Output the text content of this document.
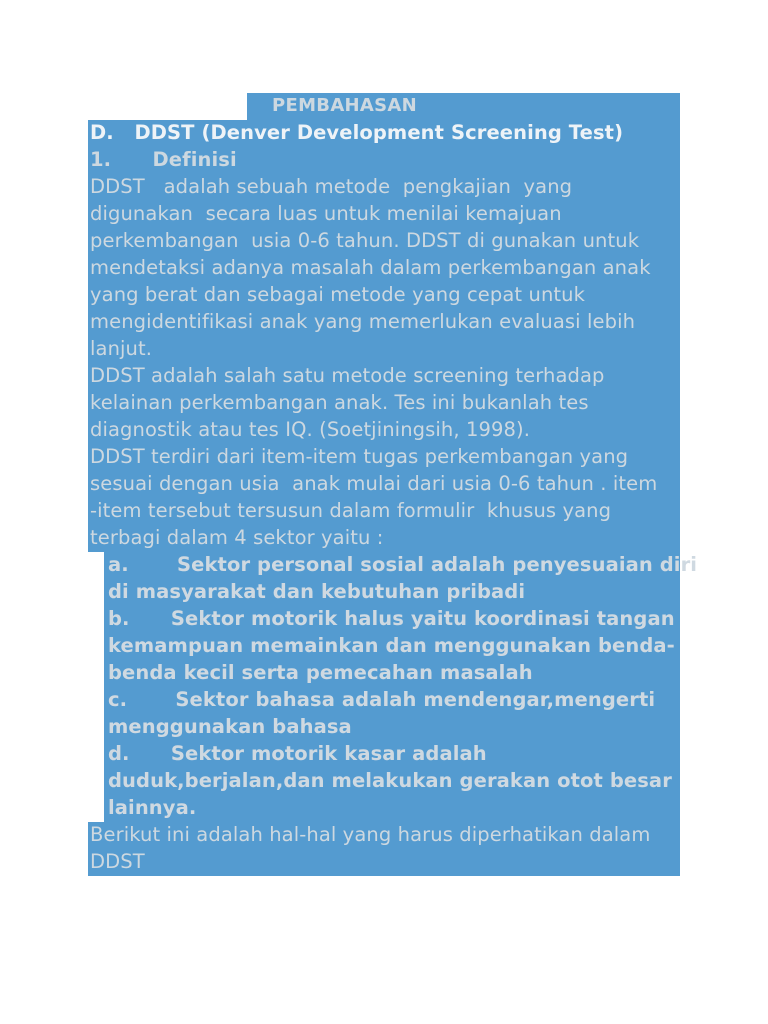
PEMBAHASAN
D.   DDST (Denver Development Screening Test)
1.      Definisi
DDST   adalah sebuah metode  pengkajian  yang
digunakan  secara luas untuk menilai kemajuan
perkembangan  usia 0-6 tahun. DDST di gunakan untuk
mendetaksi adanya masalah dalam perkembangan anak
yang berat dan sebagai metode yang cepat untuk
mengidentifikasi anak yang memerlukan evaluasi lebih
lanjut.
DDST adalah salah satu metode screening terhadap
kelainan perkembangan anak. Tes ini bukanlah tes
diagnostik atau tes IQ. (Soetjiningsih, 1998).
DDST terdiri dari item-item tugas perkembangan yang
sesuai dengan usia  anak mulai dari usia 0-6 tahun . item
-item tersebut tersusun dalam formulir  khusus yang
terbagi dalam 4 sektor yaitu :
a.       Sektor personal sosial adalah penyesuaian diri
di masyarakat dan kebutuhan pribadi
b.      Sektor motorik halus yaitu koordinasi tangan
kemampuan memainkan dan menggunakan benda-
benda kecil serta pemecahan masalah
c.       Sektor bahasa adalah mendengar,mengerti
menggunakan bahasa
d.      Sektor motorik kasar adalah
duduk,berjalan,dan melakukan gerakan otot besar
lainnya.
Berikut ini adalah hal-hal yang harus diperhatikan dalam
DDST
